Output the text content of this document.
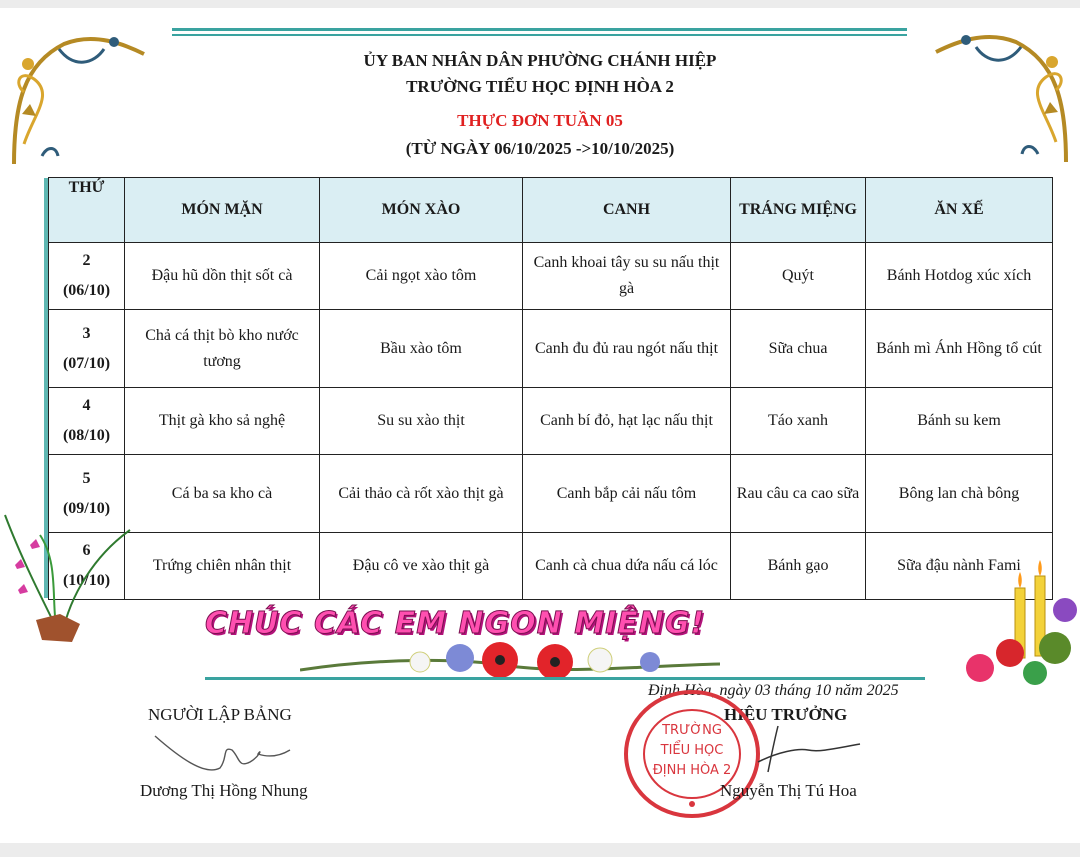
ỦY BAN NHÂN DÂN PHƯỜNG CHÁNH HIỆP
TRƯỜNG TIỂU HỌC ĐỊNH HÒA 2
THỰC ĐƠN TUẦN 05
(TỪ NGÀY 06/10/2025 ->10/10/2025)
THỨ	MÓN MẶN	MÓN XÀO	CANH	TRÁNG MIỆNG	ĂN XẾ

2
(06/10)	Đậu hũ dồn thịt sốt cà	Cải ngọt xào tôm	Canh khoai tây su su nấu thịt gà	Quýt	Bánh Hotdog xúc xích

3
(07/10)	Chả cá thịt bò kho nước tương	Bầu xào tôm	Canh đu đủ rau ngót nấu thịt	Sữa chua	Bánh mì Ánh Hồng tổ cút

4
(08/10)	Thịt gà kho sả nghệ	Su su xào thịt	Canh bí đỏ, hạt lạc nấu thịt	Táo xanh	Bánh su kem

5
(09/10)	Cá ba sa kho cà	Cải thảo cà rốt xào thịt gà	Canh bắp cải nấu tôm	Rau câu ca cao sữa	Bông lan chà bông

6
(10/10)	Trứng chiên nhân thịt	Đậu cô ve xào thịt gà	Canh cà chua dứa nấu cá lóc	Bánh gạo	Sữa đậu nành Fami
CHÚC CÁC EM NGON MIỆNG!
Định Hòa, ngày 03 tháng 10 năm 2025
NGƯỜI LẬP BẢNG	HIỆU TRƯỞNG
TRƯỜNG
TIỂU HỌC
ĐỊNH HÒA 2
Dương Thị Hồng Nhung	Nguyễn Thị Tú Hoa
